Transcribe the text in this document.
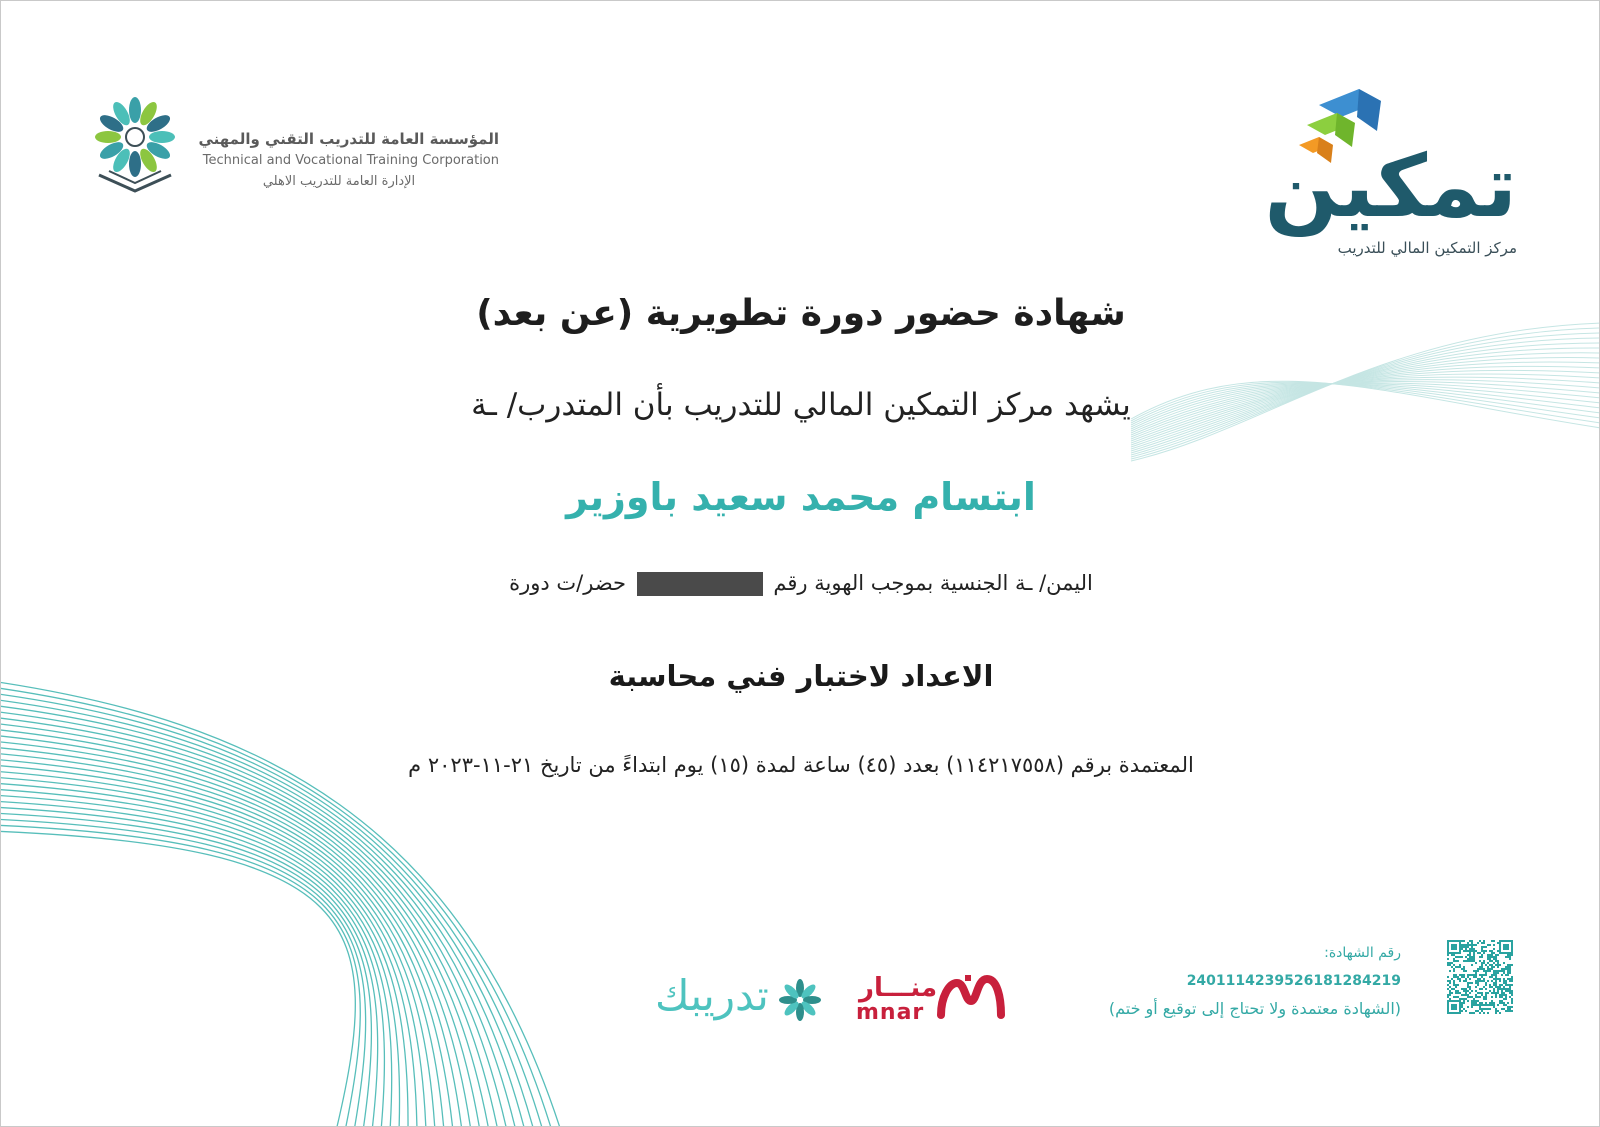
المؤسسة العامة للتدريب التقني والمهني
Technical and Vocational Training Corporation
الإدارة العامة للتدريب الاهلي	تمكين
مركز التمكين المالي للتدريب
شهادة حضور دورة تطويرية (عن بعد)
يشهد مركز التمكين المالي للتدريب بأن المتدرب/ ـة
ابتسام محمد سعيد باوزير
اليمن/ ـة الجنسية بموجب الهوية رقم  حضر/ت دورة
الاعداد لاختبار فني محاسبة
المعتمدة برقم (١١٤٢١٧٥٥٨) بعدد (٤٥) ساعة لمدة (١٥) يوم ابتداءً من تاريخ ٢١-١١-٢٠٢٣ م
رقم الشهادة:
2401114239526181284219
(الشهادة معتمدة ولا تحتاج إلى توقيع أو ختم)
منـــار
mnar
تدريبك
